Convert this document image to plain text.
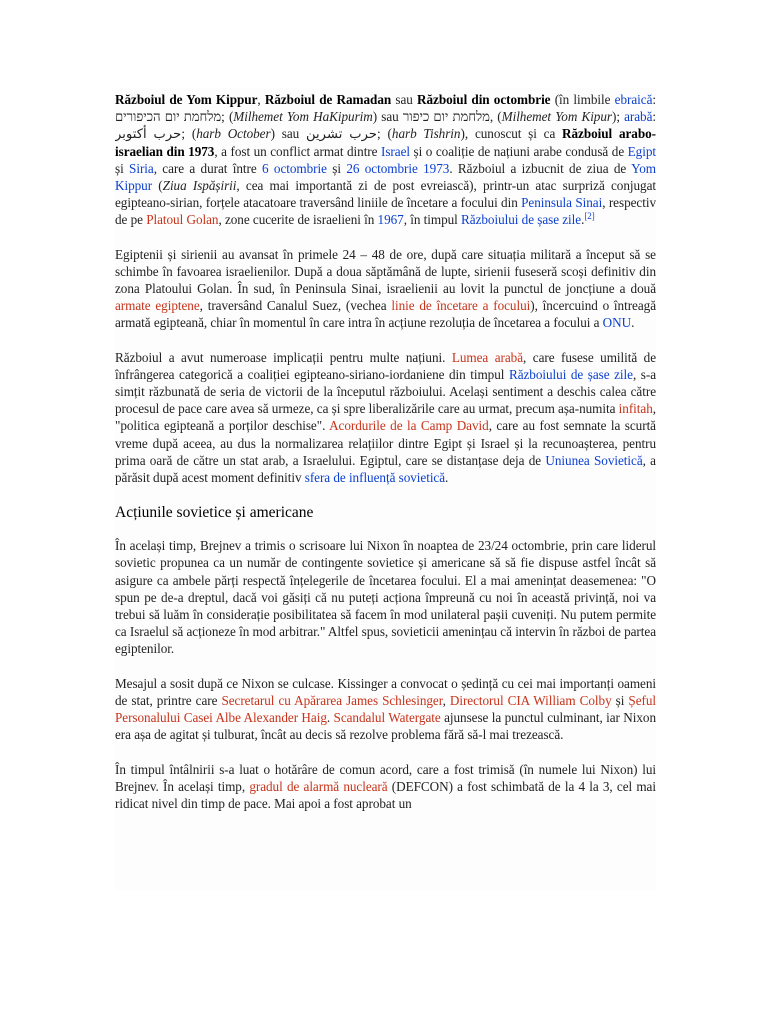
Războiul de Yom Kippur, Războiul de Ramadan sau Războiul din octombrie (în limbile ebraică: מלחמת יום הכיפורים; (Milhemet Yom HaKipurim) sau מלחמת יום כיפור, (Milhemet Yom Kipur); arabă: حرب أكتوبر; (harb October) sau حرب تشرين; (harb Tishrin), cunoscut și ca Războiul arabo-israelian din 1973, a fost un conflict armat dintre Israel și o coaliție de națiuni arabe condusă de Egipt și Siria, care a durat între 6 octombrie și 26 octombrie 1973. Războiul a izbucnit de ziua de Yom Kippur (Ziua Ispășirii, cea mai importantă zi de post evreiască), printr-un atac surpriză conjugat egipteano-sirian, forțele atacatoare traversând liniile de încetare a focului din Peninsula Sinai, respectiv de pe Platoul Golan, zone cucerite de israelieni în 1967, în timpul Războiului de șase zile.[2]

Egiptenii și sirienii au avansat în primele 24 – 48 de ore, după care situația militară a început să se schimbe în favoarea israelienilor. După a doua săptămână de lupte, sirienii fuseseră scoși definitiv din zona Platoului Golan. În sud, în Peninsula Sinai, israelienii au lovit la punctul de joncțiune a două armate egiptene, traversând Canalul Suez, (vechea linie de încetare a focului), încercuind o întreagă armată egipteană, chiar în momentul în care intra în acțiune rezoluția de încetarea a focului a ONU.

Războiul a avut numeroase implicații pentru multe națiuni. Lumea arabă, care fusese umilită de înfrângerea categorică a coaliției egipteano-siriano-iordaniene din timpul Războiului de șase zile, s-a simțit răzbunată de seria de victorii de la începutul războiului. Același sentiment a deschis calea către procesul de pace care avea să urmeze, ca și spre liberalizările care au urmat, precum așa-numita infitah, "politica egipteană a porților deschise". Acordurile de la Camp David, care au fost semnate la scurtă vreme după aceea, au dus la normalizarea relațiilor dintre Egipt și Israel și la recunoașterea, pentru prima oară de către un stat arab, a Israelului. Egiptul, care se distanțase deja de Uniunea Sovietică, a părăsit după acest moment definitiv sfera de influență sovietică.

Acțiunile sovietice și americane

În același timp, Brejnev a trimis o scrisoare lui Nixon în noaptea de 23/24 octombrie, prin care liderul sovietic propunea ca un număr de contingente sovietice și americane să să fie dispuse astfel încât să asigure ca ambele părți respectă înțelegerile de încetarea focului. El a mai amenințat deasemenea: "O spun pe de-a dreptul, dacă voi găsiți că nu puteți acționa împreună cu noi în această privință, noi va trebui să luăm în considerație posibilitatea să facem în mod unilateral pașii cuveniți. Nu putem permite ca Israelul să acționeze în mod arbitrar." Altfel spus, sovieticii amenințau că intervin în război de partea egiptenilor.

Mesajul a sosit după ce Nixon se culcase. Kissinger a convocat o ședință cu cei mai importanți oameni de stat, printre care Secretarul cu Apărarea James Schlesinger, Directorul CIA William Colby și Șeful Personalului Casei Albe Alexander Haig. Scandalul Watergate ajunsese la punctul culminant, iar Nixon era așa de agitat și tulburat, încât au decis să rezolve problema fără să-l mai trezească.

În timpul întâlnirii s-a luat o hotărâre de comun acord, care a fost trimisă (în numele lui Nixon) lui Brejnev. În același timp, gradul de alarmă nucleară (DEFCON) a fost schimbată de la 4 la 3, cel mai ridicat nivel din timp de pace. Mai apoi a fost aprobat un
